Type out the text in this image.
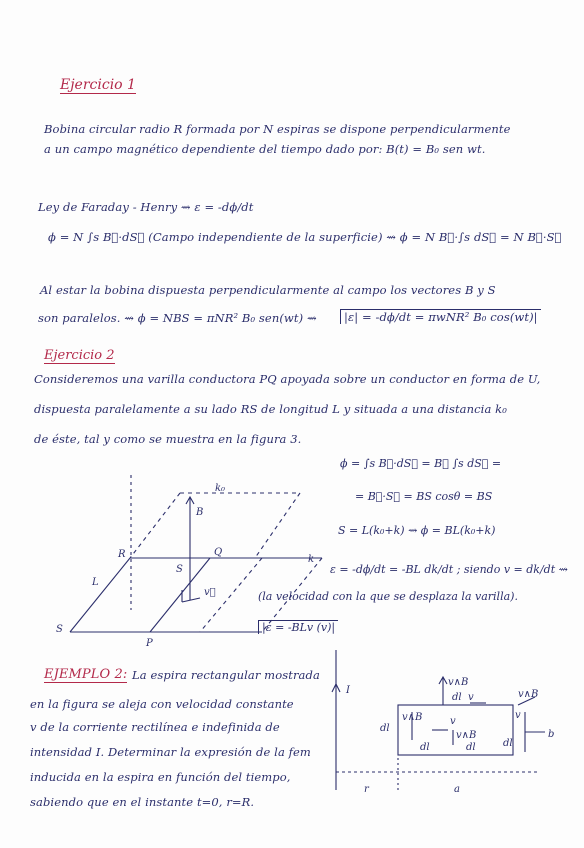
Ejercicio 1
Bobina circular radio R formada por N espiras se dispone perpendicularmente
a un campo magnético dependiente del tiempo dado por: B(t) = B₀ sen wt.
Ley de Faraday - Henry ⇝ ε = -dϕ/dt
ϕ = N ∫s B⃗·dS⃗ (Campo independiente de la superficie) ⇝ ϕ = N B⃗·∫s dS⃗ = N B⃗·S⃗
Al estar la bobina dispuesta perpendicularmente al campo los vectores B y S
son paralelos. ⇝ ϕ = NBS = πNR² B₀ sen(wt) ⇝	|ε| = -dϕ/dt = πwNR² B₀ cos(wt)|
Ejercicio 2
Consideremos una varilla conductora PQ apoyada sobre un conductor en forma de U,
dispuesta paralelamente a su lado RS de longitud L y situada a una distancia k₀
de éste, tal y como se muestra en la figura 3.
ϕ = ∫s B⃗·dS⃗ = B⃗ ∫s dS⃗ =
= B⃗·S⃗ = BS cosθ = BS
S = L(k₀+k) ⇝ ϕ = BL(k₀+k)
ε = -dϕ/dt = -BL dk/dt ; siendo v = dk/dt ⇝
(la velocidad con la que se desplaza la varilla).
|ε = -BLv (v)|
k₀
B
R	Q
k
S
v⃗
L
S
P
EJEMPLO 2: La espira rectangular mostrada
en la figura se aleja con velocidad constante
v de la corriente rectilínea e indefinida de
intensidad I. Determinar la expresión de la fem
inducida en la espira en función del tiempo,
sabiendo que en el instante t=0, r=R.
I
v∧B
dl v	v∧B
dl
v∧B	v
dl	dl
v∧B
dl
v
b
r	a
